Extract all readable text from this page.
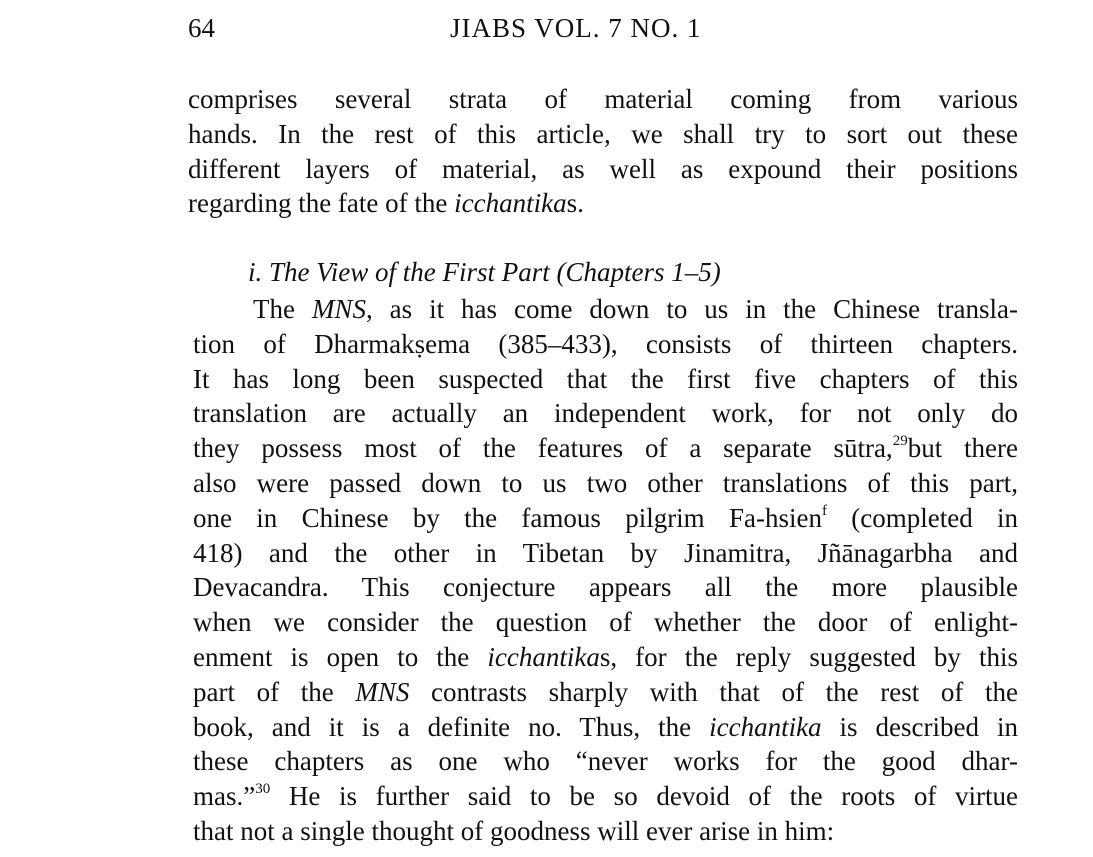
64	JIABS VOL. 7 NO. 1
comprises several strata of material coming from various
hands. In the rest of this article, we shall try to sort out these
different layers of material, as well as expound their positions
regarding the fate of the icchantikas.
i. The View of the First Part (Chapters 1–5)
The MNS, as it has come down to us in the Chinese transla-
tion of Dharmakṣema (385–433), consists of thirteen chapters.
It has long been suspected that the first five chapters of this
translation are actually an independent work, for not only do
they possess most of the features of a separate sūtra,$^{29}$but there
also were passed down to us two other translations of this part,
one in Chinese by the famous pilgrim Fa-hsien$^f$ (completed in
418) and the other in Tibetan by Jinamitra, Jñānagarbha and
Devacandra. This conjecture appears all the more plausible
when we consider the question of whether the door of enlight-
enment is open to the icchantikas, for the reply suggested by this
part of the MNS contrasts sharply with that of the rest of the
book, and it is a definite no. Thus, the icchantika is described in
these chapters as one who “never works for the good dhar-
mas.”$^{30}$ He is further said to be so devoid of the roots of virtue
that not a single thought of goodness will ever arise in him:
